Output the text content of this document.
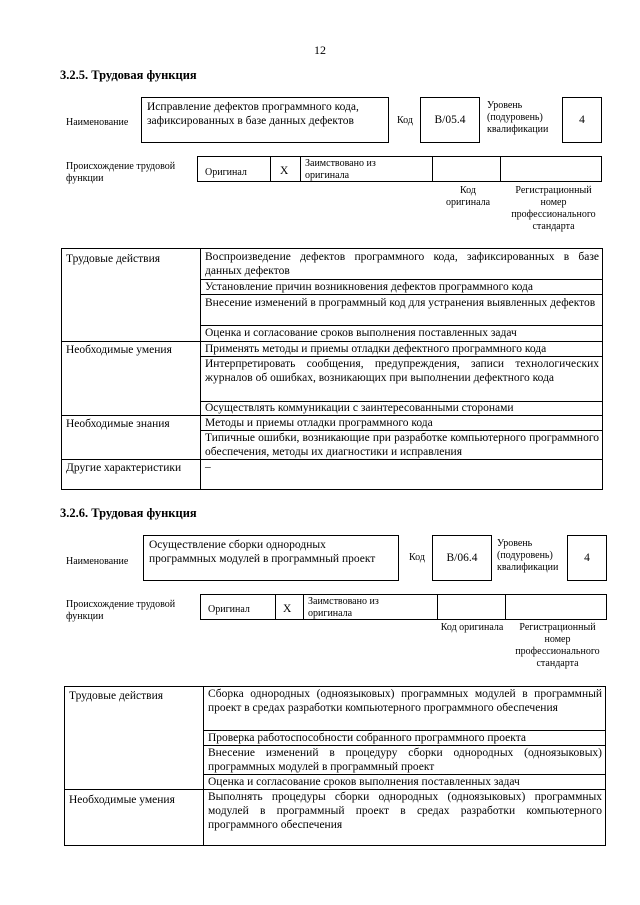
12
3.2.5. Трудовая функция
Наименование
Исправление дефектов программного кода, зафиксированных в базе данных дефектов	Код	B/05.4
Уровень (подуровень) квалификации
4
Происхождение трудовой функции
Оригинал	X
Заимствовано из оригинала
Код оригинала
Регистрационный номер профессионального стандарта
Трудовые действия	Воспроизведение дефектов программного кода, зафиксированных в базе данных дефектов
Установление причин возникновения дефектов программного кода
Внесение изменений в программный код для устранения выявленных дефектов
Оценка и согласование сроков выполнения поставленных задач
Необходимые умения	Применять методы и приемы отладки дефектного программного кода
Интерпретировать сообщения, предупреждения, записи технологических журналов об ошибках, возникающих при выполнении дефектного кода
Осуществлять коммуникации с заинтересованными сторонами
Необходимые знания	Методы и приемы отладки программного кода
Типичные ошибки, возникающие при разработке компьютерного программного обеспечения, методы их диагностики и исправления
Другие характеристики	–
3.2.6. Трудовая функция
Наименование
Осуществление сборки однородных программных модулей в программный проект	Код	B/06.4
Уровень (подуровень) квалификации
4
Происхождение трудовой функции
Оригинал	X
Заимствовано из оригинала
Код оригинала	Регистрационный номер профессионального стандарта
Трудовые действия	Сборка однородных (одноязыковых) программных модулей в программный проект в средах разработки компьютерного программного обеспечения
Проверка работоспособности собранного программного проекта
Внесение изменений в процедуру сборки однородных (одноязыковых) программных модулей в программный проект
Оценка и согласование сроков выполнения поставленных задач
Необходимые умения	Выполнять процедуры сборки однородных (одноязыковых) программных модулей в программный проект в средах разработки компьютерного программного обеспечения
